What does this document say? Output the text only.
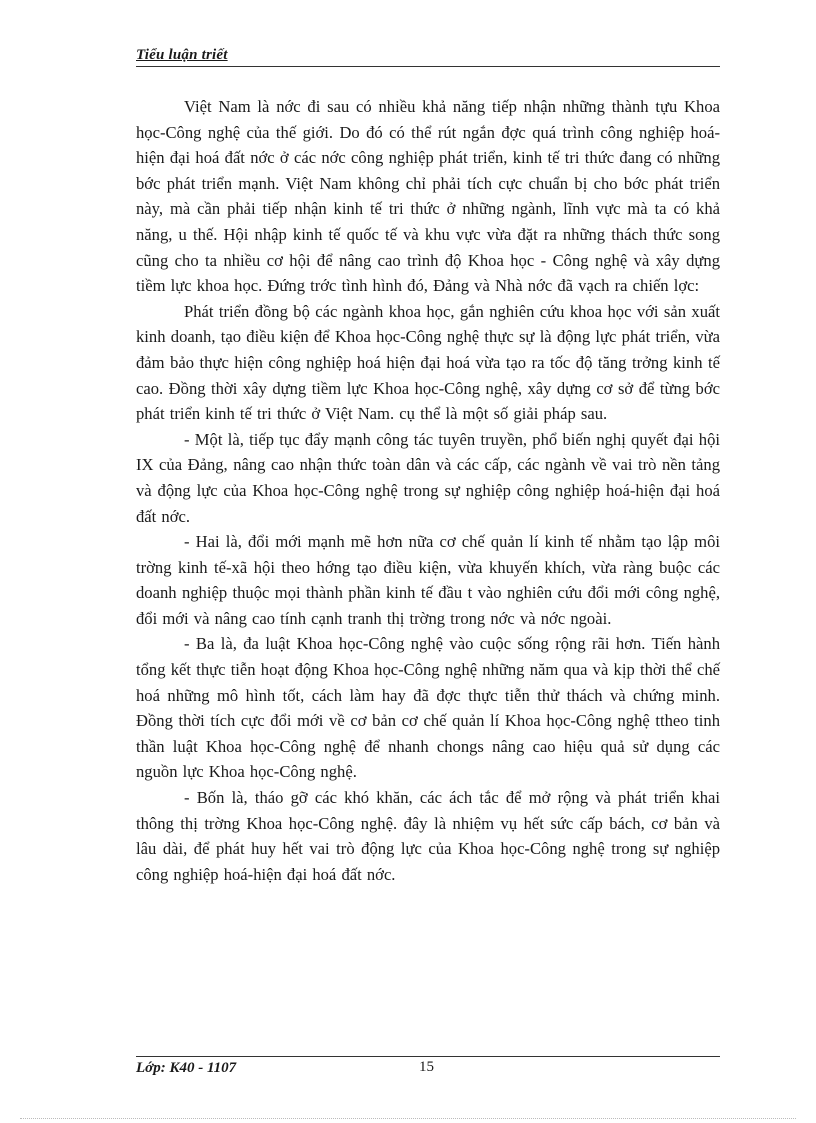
Tiểu luận triết

Việt Nam là nớc đi sau có nhiều khả năng tiếp nhận những thành tựu Khoa học-Công nghệ của thế giới. Do đó có thể rút ngắn đợc quá trình công nghiệp hoá-hiện đại hoá đất nớc ở các nớc công nghiệp phát triển, kinh tế tri thức đang có những bớc phát triển mạnh. Việt Nam không chỉ phải tích cực chuẩn bị cho bớc phát triển này, mà cần phải tiếp nhận kinh tế tri thức ở những ngành, lĩnh vực mà ta có khả năng, u thế. Hội nhập kinh tế quốc tế và khu vực vừa đặt ra những thách thức song cũng cho ta nhiều cơ hội để nâng cao trình độ Khoa học - Công nghệ và xây dựng tiềm lực khoa học. Đứng trớc tình hình đó, Đảng và Nhà nớc đã vạch ra chiến lợc:

Phát triển đồng bộ các ngành khoa học, gắn nghiên cứu khoa học với sản xuất kinh doanh, tạo điều kiện để Khoa học-Công nghệ thực sự là động lực phát triển, vừa đảm bảo thực hiện công nghiệp hoá hiện đại hoá vừa tạo ra tốc độ tăng trởng kinh tế cao. Đồng thời xây dựng tiềm lực Khoa học-Công nghệ, xây dựng cơ sở để từng bớc phát triển kinh tế tri thức ở Việt Nam. cụ thể là một số giải pháp sau.

- Một là, tiếp tục đẩy mạnh công tác tuyên truyền, phổ biến nghị quyết đại hội IX của Đảng, nâng cao nhận thức toàn dân và các cấp, các ngành về vai trò nền tảng và động lực của Khoa học-Công nghệ trong sự nghiệp công nghiệp hoá-hiện đại hoá đất nớc.

- Hai là, đổi mới mạnh mẽ hơn nữa cơ chế quản lí kinh tế nhằm tạo lập môi trờng kinh tế-xã hội theo hớng tạo điều kiện, vừa khuyến khích, vừa ràng buộc các doanh nghiệp thuộc mọi thành phần kinh tế đầu t vào nghiên cứu đổi mới công nghệ, đổi mới và nâng cao tính cạnh tranh thị trờng trong nớc và nớc ngoài.

- Ba là, đa luật Khoa học-Công nghệ vào cuộc sống rộng rãi hơn. Tiến hành tổng kết thực tiễn hoạt động Khoa học-Công nghệ những năm qua và kịp thời thể chế hoá những mô hình tốt, cách làm hay đã đợc thực tiễn thử thách và chứng minh. Đồng thời tích cực đổi mới về cơ bản cơ chế quản lí Khoa học-Công nghệ ttheo tinh thần luật Khoa học-Công nghệ để nhanh chongs nâng cao hiệu quả sử dụng các nguồn lực Khoa học-Công nghệ.

- Bốn là, tháo gỡ các khó khăn, các ách tắc để mở rộng và phát triển khai thông thị trờng Khoa học-Công nghệ. đây là nhiệm vụ hết sức cấp bách, cơ bản và lâu dài, để phát huy hết vai trò động lực của Khoa học-Công nghệ trong sự nghiệp công nghiệp hoá-hiện đại hoá đất nớc.

Lớp: K40 - 1107	15
